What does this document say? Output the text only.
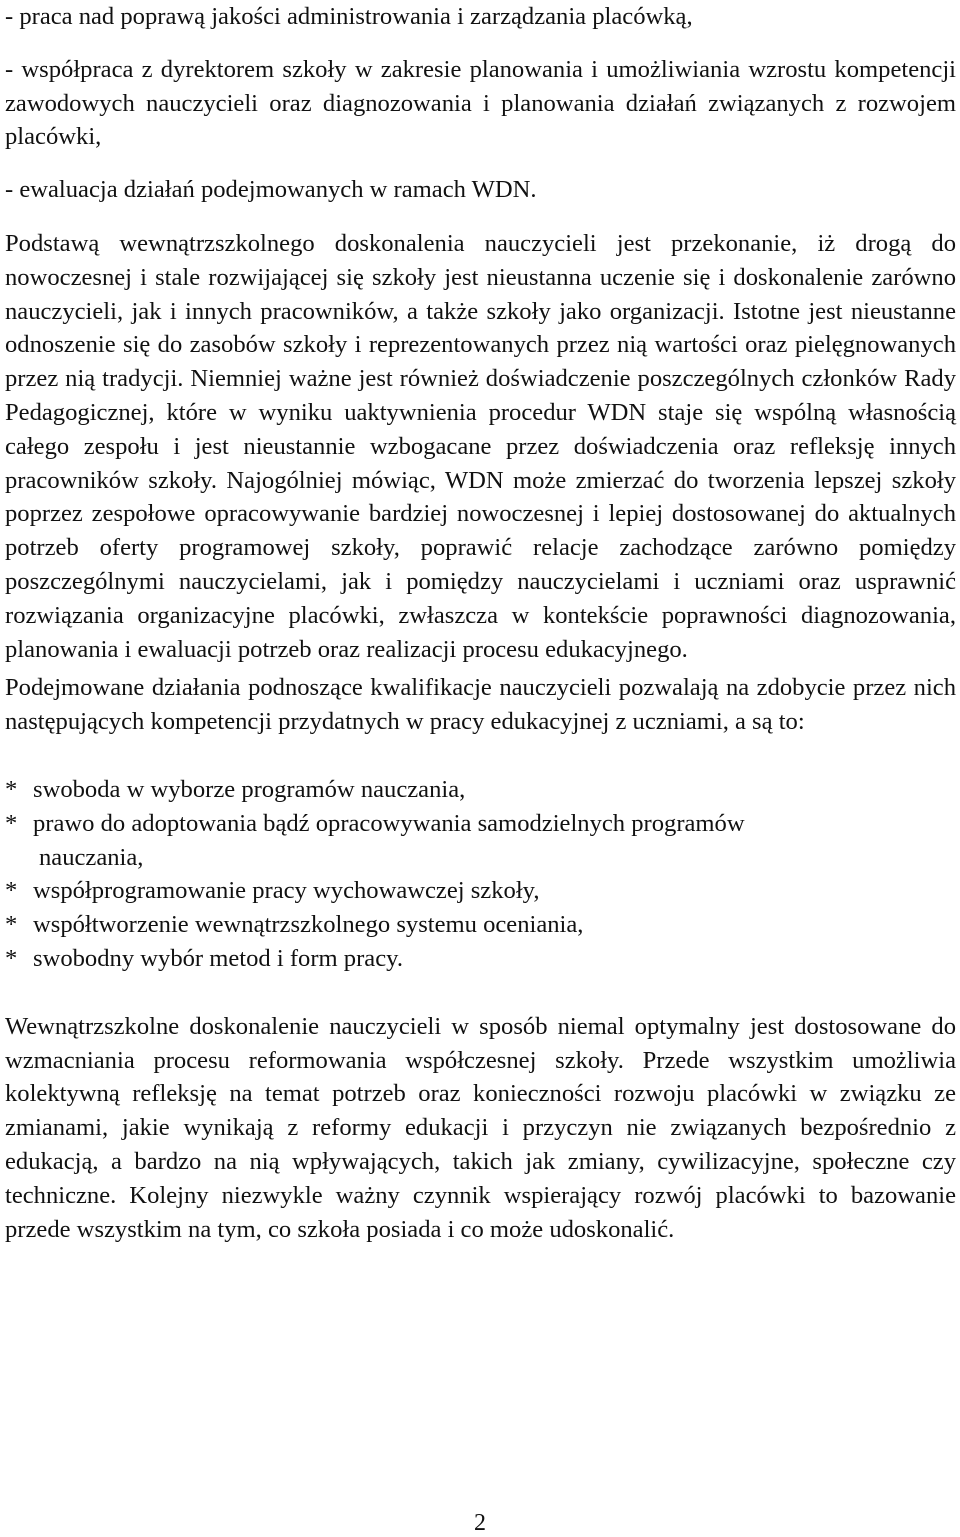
- praca nad poprawą jakości administrowania i zarządzania placówką,

- współpraca z dyrektorem szkoły w zakresie planowania i umożliwiania wzrostu kompetencji zawodowych nauczycieli oraz diagnozowania i planowania działań związanych z rozwojem placówki,

- ewaluacja działań podejmowanych w ramach WDN.

Podstawą wewnątrzszkolnego doskonalenia nauczycieli jest przekonanie, iż drogą do nowoczesnej i stale rozwijającej się szkoły jest nieustanna uczenie się i doskonalenie zarówno nauczycieli, jak i innych pracowników, a także szkoły jako organizacji. Istotne jest nieustanne odnoszenie się do zasobów szkoły i reprezentowanych przez nią wartości oraz pielęgnowanych przez nią tradycji. Niemniej ważne jest również doświadczenie poszczególnych członków Rady Pedagogicznej, które w wyniku uaktywnienia procedur WDN staje się wspólną własnością całego zespołu i jest nieustannie wzbogacane przez doświadczenia oraz refleksję innych pracowników szkoły. Najogólniej mówiąc, WDN może zmierzać do tworzenia lepszej szkoły poprzez zespołowe opracowywanie bardziej nowoczesnej i lepiej dostosowanej do aktualnych potrzeb oferty programowej szkoły, poprawić relacje zachodzące zarówno pomiędzy poszczególnymi nauczycielami, jak i pomiędzy nauczycielami i uczniami oraz usprawnić rozwiązania organizacyjne placówki, zwłaszcza w kontekście poprawności diagnozowania, planowania i ewaluacji potrzeb oraz realizacji procesu edukacyjnego.

Podejmowane działania podnoszące kwalifikacje nauczycieli pozwalają na zdobycie przez nich następujących kompetencji przydatnych w pracy edukacyjnej z uczniami, a są to:

* swoboda w wyborze programów nauczania,
* prawo do adoptowania bądź opracowywania samodzielnych programów
nauczania,
* współprogramowanie pracy wychowawczej szkoły,
* współtworzenie wewnątrzszkolnego systemu oceniania,
* swobodny wybór metod i form pracy.

Wewnątrzszkolne doskonalenie nauczycieli w sposób niemal optymalny jest dostosowane do wzmacniania procesu reformowania współczesnej szkoły. Przede wszystkim umożliwia kolektywną refleksję na temat potrzeb oraz konieczności rozwoju placówki w związku ze zmianami, jakie wynikają z reformy edukacji i przyczyn nie związanych bezpośrednio z edukacją, a bardzo na nią wpływających, takich jak zmiany, cywilizacyjne, społeczne czy techniczne. Kolejny niezwykle ważny czynnik wspierający rozwój placówki to bazowanie przede wszystkim na tym, co szkoła posiada i co może udoskonalić.

2
